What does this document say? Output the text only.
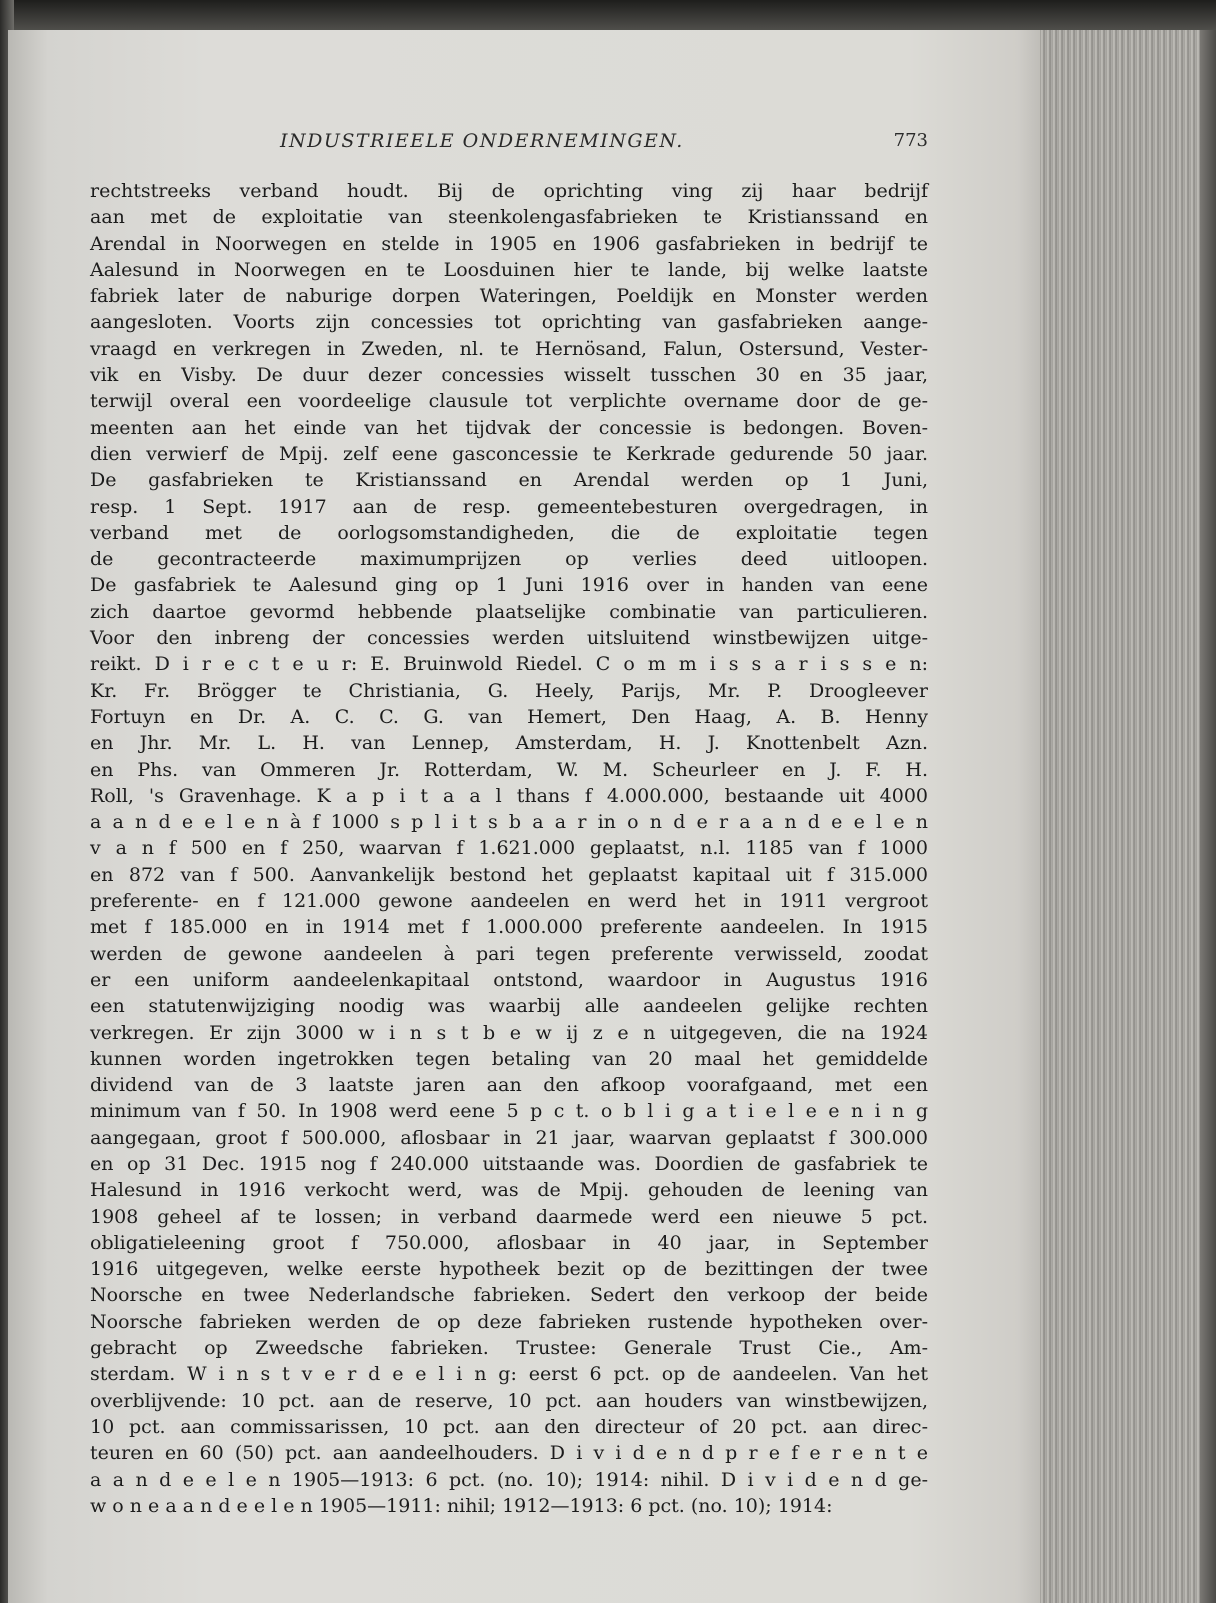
INDUSTRIEELE ONDERNEMINGEN.	773
rechtstreeks verband houdt. Bij de oprichting ving zij haar bedrijf
aan met de exploitatie van steenkolengasfabrieken te Kristianssand en
Arendal in Noorwegen en stelde in 1905 en 1906 gasfabrieken in bedrijf te
Aalesund in Noorwegen en te Loosduinen hier te lande, bij welke laatste
fabriek later de naburige dorpen Wateringen, Poeldijk en Monster werden
aangesloten. Voorts zijn concessies tot oprichting van gasfabrieken aange-
vraagd en verkregen in Zweden, nl. te Hernösand, Falun, Ostersund, Vester-
vik en Visby. De duur dezer concessies wisselt tusschen 30 en 35 jaar,
terwijl overal een voordeelige clausule tot verplichte overname door de ge-
meenten aan het einde van het tijdvak der concessie is bedongen. Boven-
dien verwierf de Mpij. zelf eene gasconcessie te Kerkrade gedurende 50 jaar.
De gasfabrieken te Kristianssand en Arendal werden op 1 Juni,
resp. 1 Sept. 1917 aan de resp. gemeentebesturen overgedragen, in
verband met de oorlogsomstandigheden, die de exploitatie tegen
de gecontracteerde maximumprijzen op verlies deed uitloopen.
De gasfabriek te Aalesund ging op 1 Juni 1916 over in handen van eene
zich daartoe gevormd hebbende plaatselijke combinatie van particulieren.
Voor den inbreng der concessies werden uitsluitend winstbewijzen uitge-
reikt. D i r e c t e u r: E. Bruinwold Riedel. C o m m i s s a r i s s e n:
Kr. Fr. Brögger te Christiania, G. Heely, Parijs, Mr. P. Droogleever
Fortuyn en Dr. A. C. C. G. van Hemert, Den Haag, A. B. Henny
en Jhr. Mr. L. H. van Lennep, Amsterdam, H. J. Knottenbelt Azn.
en Phs. van Ommeren Jr. Rotterdam, W. M. Scheurleer en J. F. H.
Roll, 's Gravenhage. K a p i t a a l thans f 4.000.000, bestaande uit 4000
a a n d e e l e n à f 1000 s p l i t s b a a r in o n d e r a a n d e e l e n
v a n f 500 en f 250, waarvan f 1.621.000 geplaatst, n.l. 1185 van f 1000
en 872 van f 500. Aanvankelijk bestond het geplaatst kapitaal uit f 315.000
preferente- en f 121.000 gewone aandeelen en werd het in 1911 vergroot
met f 185.000 en in 1914 met f 1.000.000 preferente aandeelen. In 1915
werden de gewone aandeelen à pari tegen preferente verwisseld, zoodat
er een uniform aandeelenkapitaal ontstond, waardoor in Augustus 1916
een statutenwijziging noodig was waarbij alle aandeelen gelijke rechten
verkregen. Er zijn 3000 w i n s t b e w ij z e n uitgegeven, die na 1924
kunnen worden ingetrokken tegen betaling van 20 maal het gemiddelde
dividend van de 3 laatste jaren aan den afkoop voorafgaand, met een
minimum van f 50. In 1908 werd eene 5 p c t. o b l i g a t i e l e e n i n g
aangegaan, groot f 500.000, aflosbaar in 21 jaar, waarvan geplaatst f 300.000
en op 31 Dec. 1915 nog f 240.000 uitstaande was. Doordien de gasfabriek te
Halesund in 1916 verkocht werd, was de Mpij. gehouden de leening van
1908 geheel af te lossen; in verband daarmede werd een nieuwe 5 pct.
obligatieleening groot f 750.000, aflosbaar in 40 jaar, in September
1916 uitgegeven, welke eerste hypotheek bezit op de bezittingen der twee
Noorsche en twee Nederlandsche fabrieken. Sedert den verkoop der beide
Noorsche fabrieken werden de op deze fabrieken rustende hypotheken over-
gebracht op Zweedsche fabrieken. Trustee: Generale Trust Cie., Am-
sterdam. W i n s t v e r d e e l i n g: eerst 6 pct. op de aandeelen. Van het
overblijvende: 10 pct. aan de reserve, 10 pct. aan houders van winstbewijzen,
10 pct. aan commissarissen, 10 pct. aan den directeur of 20 pct. aan direc-
teuren en 60 (50) pct. aan aandeelhouders. D i v i d e n d p r e f e r e n t e
a a n d e e l e n 1905—1913: 6 pct. (no. 10); 1914: nihil. D i v i d e n d ge-
w o n e a a n d e e l e n 1905—1911: nihil; 1912—1913: 6 pct. (no. 10); 1914:
